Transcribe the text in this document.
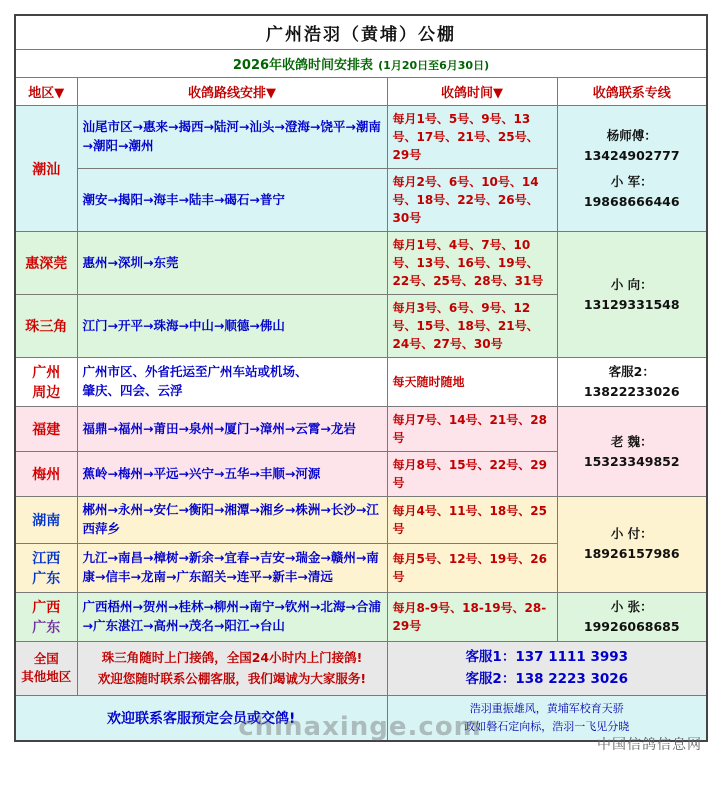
广州浩羽（黄埔）公棚			
2026年收鸽时间安排表 (1月20日至6月30日)			
地区▼	收鸽路线安排▼	收鸽时间▼	收鸽联系专线
潮汕	汕尾市区→惠来→揭西→陆河→汕头→澄海→饶平→潮南→潮阳→潮州	每月1号、5号、9号、13号、17号、21号、25号、29号	杨师傅：
13424902777
小 军：
19868666446

	潮安→揭阳→海丰→陆丰→碣石→普宁	每月2号、6号、10号、14号、18号、22号、26号、30号	
惠深莞	惠州→深圳→东莞	每月1号、4号、7号、10号、13号、16号、19号、22号、25号、28号、31号	小 向：
13129331548

珠三角	江门→开平→珠海→中山→顺德→佛山	每月3号、6号、9号、12号、15号、18号、21号、24号、27号、30号	

广州
周边	广州市区、外省托运至广州车站或机场、
肇庆、四会、云浮	每天随时随地	客服2：
13822233026

福建	福鼎→福州→莆田→泉州→厦门→漳州→云霄→龙岩	每月7号、14号、21号、28号	老 魏：
15323349852

梅州	蕉岭→梅州→平远→兴宁→五华→丰顺→河源	每月8号、15号、22号、29号	
湖南	郴州→永州→安仁→衡阳→湘潭→湘乡→株洲→长沙→江西萍乡	每月4号、11号、18号、25号	小 付：
18926157986

江西
广东	九江→南昌→樟树→新余→宜春→吉安→瑞金→赣州→南康→信丰→龙南→广东韶关→连平→新丰→清远	每月5号、12号、19号、26号	

广西
广东	广西梧州→贺州→桂林→柳州→南宁→钦州→北海→合浦→广东湛江→高州→茂名→阳江→台山	每月8-9号、18-19号、28-29号	小 张：
19926068685

全国
其他地区	珠三角随时上门接鸽，全国24小时内上门接鸽!
欢迎您随时联系公棚客服，我们竭诚为大家服务!	客服1：137 1111 3993
客服2：138 2223 3026	

欢迎联系客服预定会员或交鸽!		浩羽重振雄风，黄埔军校育天骄
政如磐石定向标，浩羽一飞见分晓	
chinaxinge.com
中国信鸽信息网
